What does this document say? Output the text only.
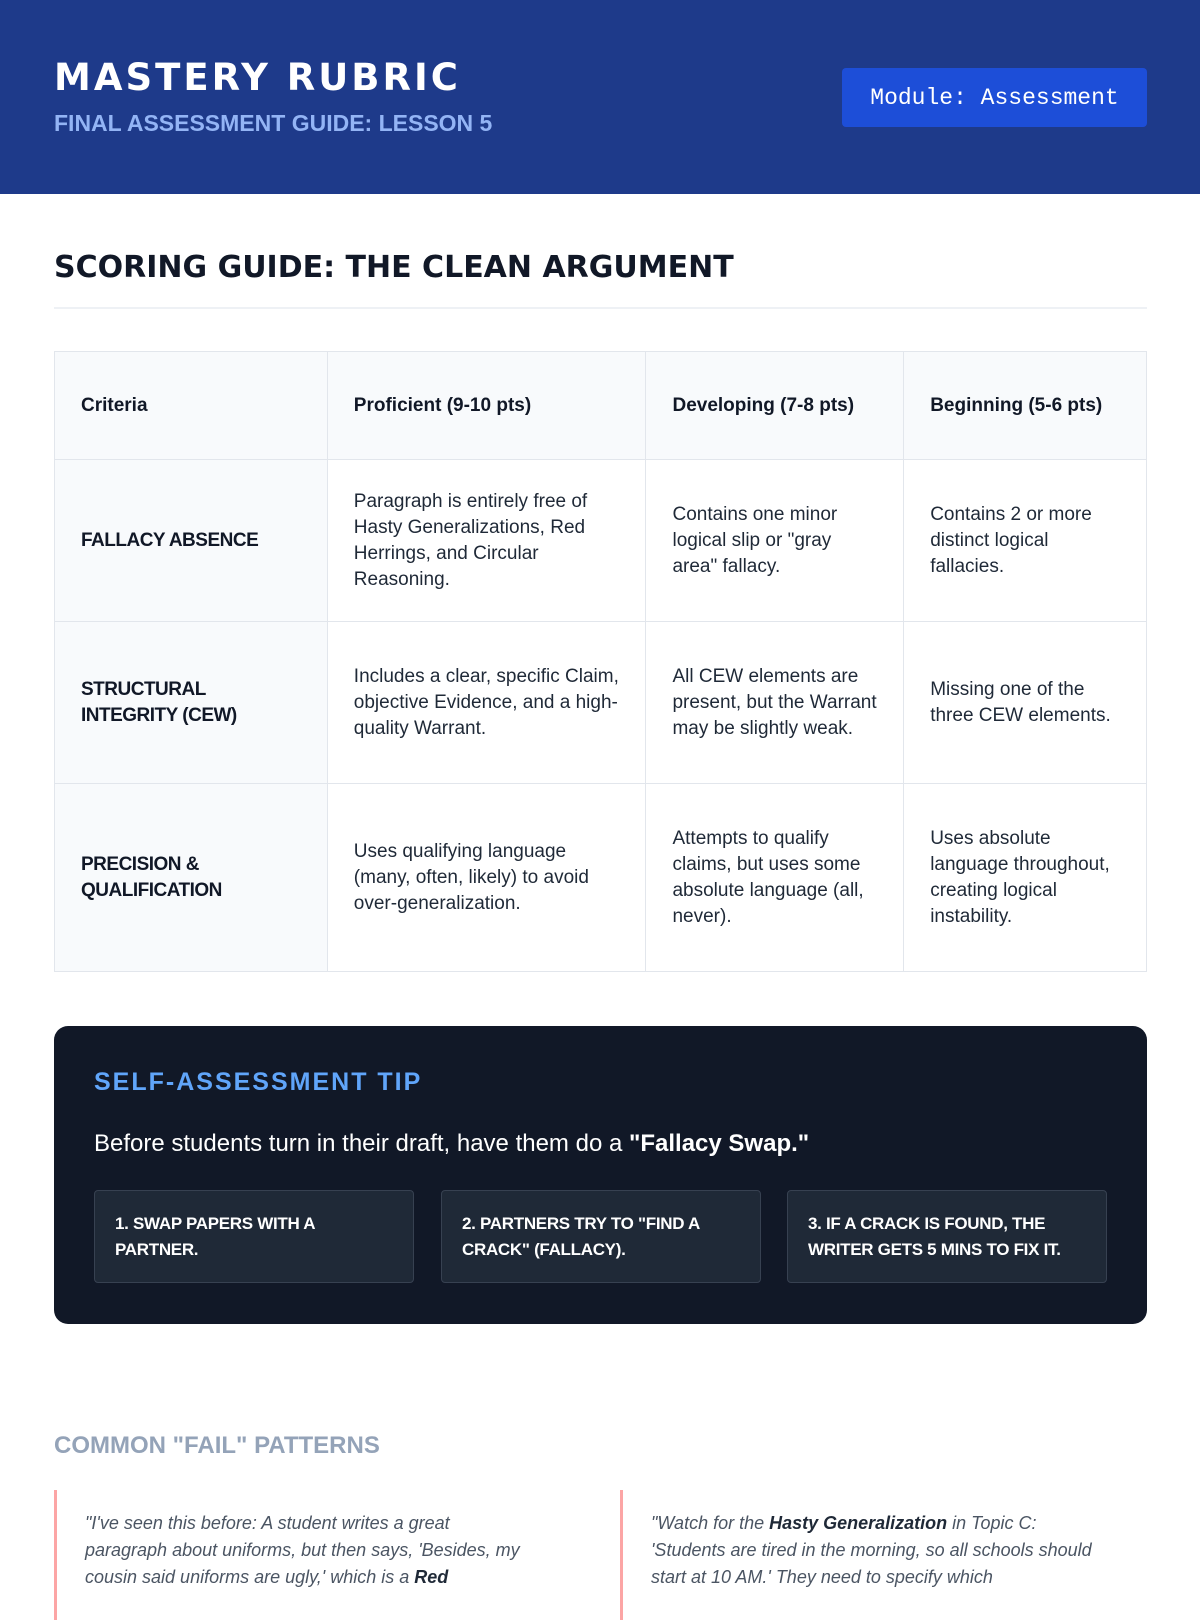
MASTERY RUBRIC
FINAL ASSESSMENT GUIDE: LESSON 5
Module: Assessment
SCORING GUIDE: THE CLEAN ARGUMENT
Criteria	Proficient (9-10 pts)	Developing (7-8 pts)	Beginning (5-6 pts)
FALLACY ABSENCE	Paragraph is entirely free of Hasty Generalizations, Red Herrings, and Circular Reasoning.	Contains one minor logical slip or "gray area" fallacy.	Contains 2 or more distinct logical fallacies.
STRUCTURAL INTEGRITY (CEW)	Includes a clear, specific Claim, objective Evidence, and a high-quality Warrant.	All CEW elements are present, but the Warrant may be slightly weak.	Missing one of the three CEW elements.
PRECISION & QUALIFICATION	Uses qualifying language (many, often, likely) to avoid over-generalization.	Attempts to qualify claims, but uses some absolute language (all, never).	Uses absolute language throughout, creating logical instability.
SELF-ASSESSMENT TIP
Before students turn in their draft, have them do a "Fallacy Swap."
1. SWAP PAPERS WITH A PARTNER.
2. PARTNERS TRY TO "FIND A CRACK" (FALLACY).
3. IF A CRACK IS FOUND, THE WRITER GETS 5 MINS TO FIX IT.
COMMON "FAIL" PATTERNS
"I've seen this before: A student writes a great paragraph about uniforms, but then says, 'Besides, my cousin said uniforms are ugly,' which is a Red
"Watch for the Hasty Generalization in Topic C: 'Students are tired in the morning, so all schools should start at 10 AM.' They need to specify which
